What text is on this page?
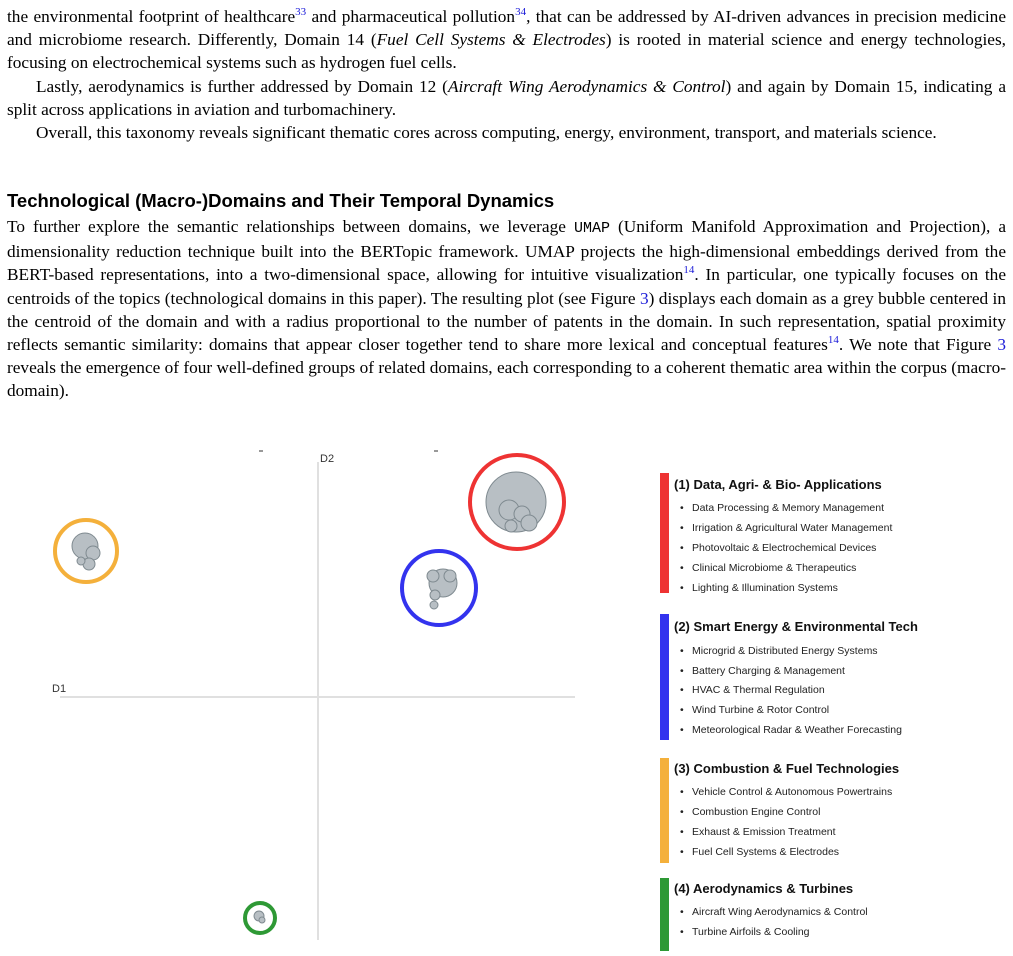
the environmental footprint of healthcare$^{33}$ and pharmaceutical pollution$^{34}$, that can be addressed by AI-driven advances in precision medicine and microbiome research. Differently, Domain 14 (Fuel Cell Systems & Electrodes) is rooted in material science and energy technologies, focusing on electrochemical systems such as hydrogen fuel cells.

Lastly, aerodynamics is further addressed by Domain 12 (Aircraft Wing Aerodynamics & Control) and again by Domain 15, indicating a split across applications in aviation and turbomachinery.

Overall, this taxonomy reveals significant thematic cores across computing, energy, environment, transport, and materials science.

Technological (Macro-)Domains and Their Temporal Dynamics

To further explore the semantic relationships between domains, we leverage UMAP (Uniform Manifold Approximation and Projection), a dimensionality reduction technique built into the BERTopic framework. UMAP projects the high-dimensional embeddings derived from the BERT-based representations, into a two-dimensional space, allowing for intuitive visualization$^{14}$. In particular, one typically focuses on the centroids of the topics (technological domains in this paper). The resulting plot (see Figure 3) displays each domain as a grey bubble centered in the centroid of the domain and with a radius proportional to the number of patents in the domain. In such representation, spatial proximity reflects semantic similarity: domains that appear closer together tend to share more lexical and conceptual features$^{14}$. We note that Figure 3 reveals the emergence of four well-defined groups of related domains, each corresponding to a coherent thematic area within the corpus (macro-domain).

D2
D1
(1) Data, Agri- & Bio- Applications
• Data Processing & Memory Management
• Irrigation & Agricultural Water Management
• Photovoltaic & Electrochemical Devices
• Clinical Microbiome & Therapeutics
• Lighting & Illumination Systems
(2) Smart Energy & Environmental Tech
• Microgrid & Distributed Energy Systems
• Battery Charging & Management
• HVAC & Thermal Regulation
• Wind Turbine & Rotor Control
• Meteorological Radar & Weather Forecasting
(3) Combustion & Fuel Technologies
• Vehicle Control & Autonomous Powertrains
• Combustion Engine Control
• Exhaust & Emission Treatment
• Fuel Cell Systems & Electrodes
(4) Aerodynamics & Turbines
• Aircraft Wing Aerodynamics & Control
• Turbine Airfoils & Cooling
